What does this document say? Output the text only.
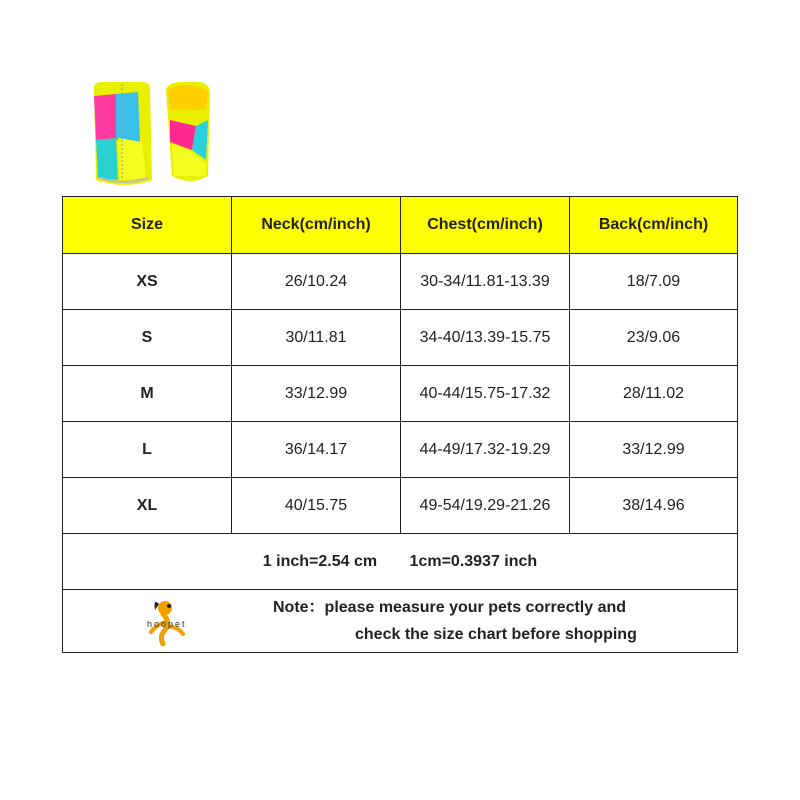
Size	Neck(cm/inch)	Chest(cm/inch)	Back(cm/inch)
XS	26/10.24	30-34/11.81-13.39	18/7.09
S	30/11.81	34-40/13.39-15.75	23/9.06
M	33/12.99	40-44/15.75-17.32	28/11.02
L	36/14.17	44-49/17.32-19.29	33/12.99
XL	40/15.75	49-54/19.29-21.26	38/14.96
1 inch=2.54 cm 1cm=0.3937 inch			

hoopet
Note：please measure your pets correctly and
check the size chart before shopping			
